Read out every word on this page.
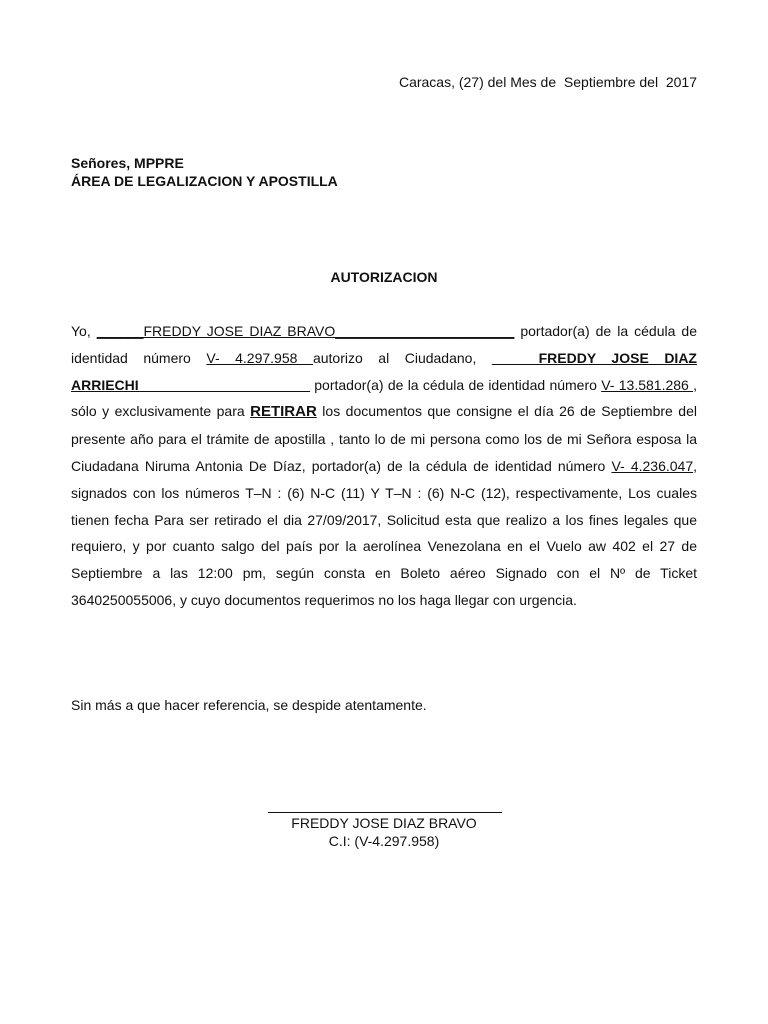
Caracas, (27) del Mes de  Septiembre del  2017
Señores, MPPRE
ÁREA DE LEGALIZACION Y APOSTILLA
AUTORIZACION
Yo, ______FREDDY JOSE DIAZ BRAVO_______________________ portador(a) de la cédula de identidad número V- 4.297.958 autorizo al Ciudadano, ______FREDDY JOSE DIAZ ARRIECHI______________________ portador(a) de la cédula de identidad número V- 13.581.286 , sólo y exclusivamente para RETIRAR los documentos que consigne el día 26 de Septiembre del presente año para el trámite de apostilla , tanto lo de mi persona como los de mi Señora esposa la Ciudadana Niruma Antonia De Díaz, portador(a) de la cédula de identidad número V- 4.236.047, signados con los números T–N : (6) N-C (11) Y T–N : (6) N-C (12), respectivamente, Los cuales tienen fecha Para ser retirado el dia 27/09/2017, Solicitud esta que realizo a los fines legales que requiero, y por cuanto salgo del país por la aerolínea Venezolana en el Vuelo aw 402 el 27 de Septiembre a las 12:00 pm, según consta en Boleto aéreo Signado con el Nº de Ticket 3640250055006, y cuyo documentos requerimos no los haga llegar con urgencia.
Sin más a que hacer referencia, se despide atentamente.
FREDDY JOSE DIAZ BRAVO
C.I: (V-4.297.958)
